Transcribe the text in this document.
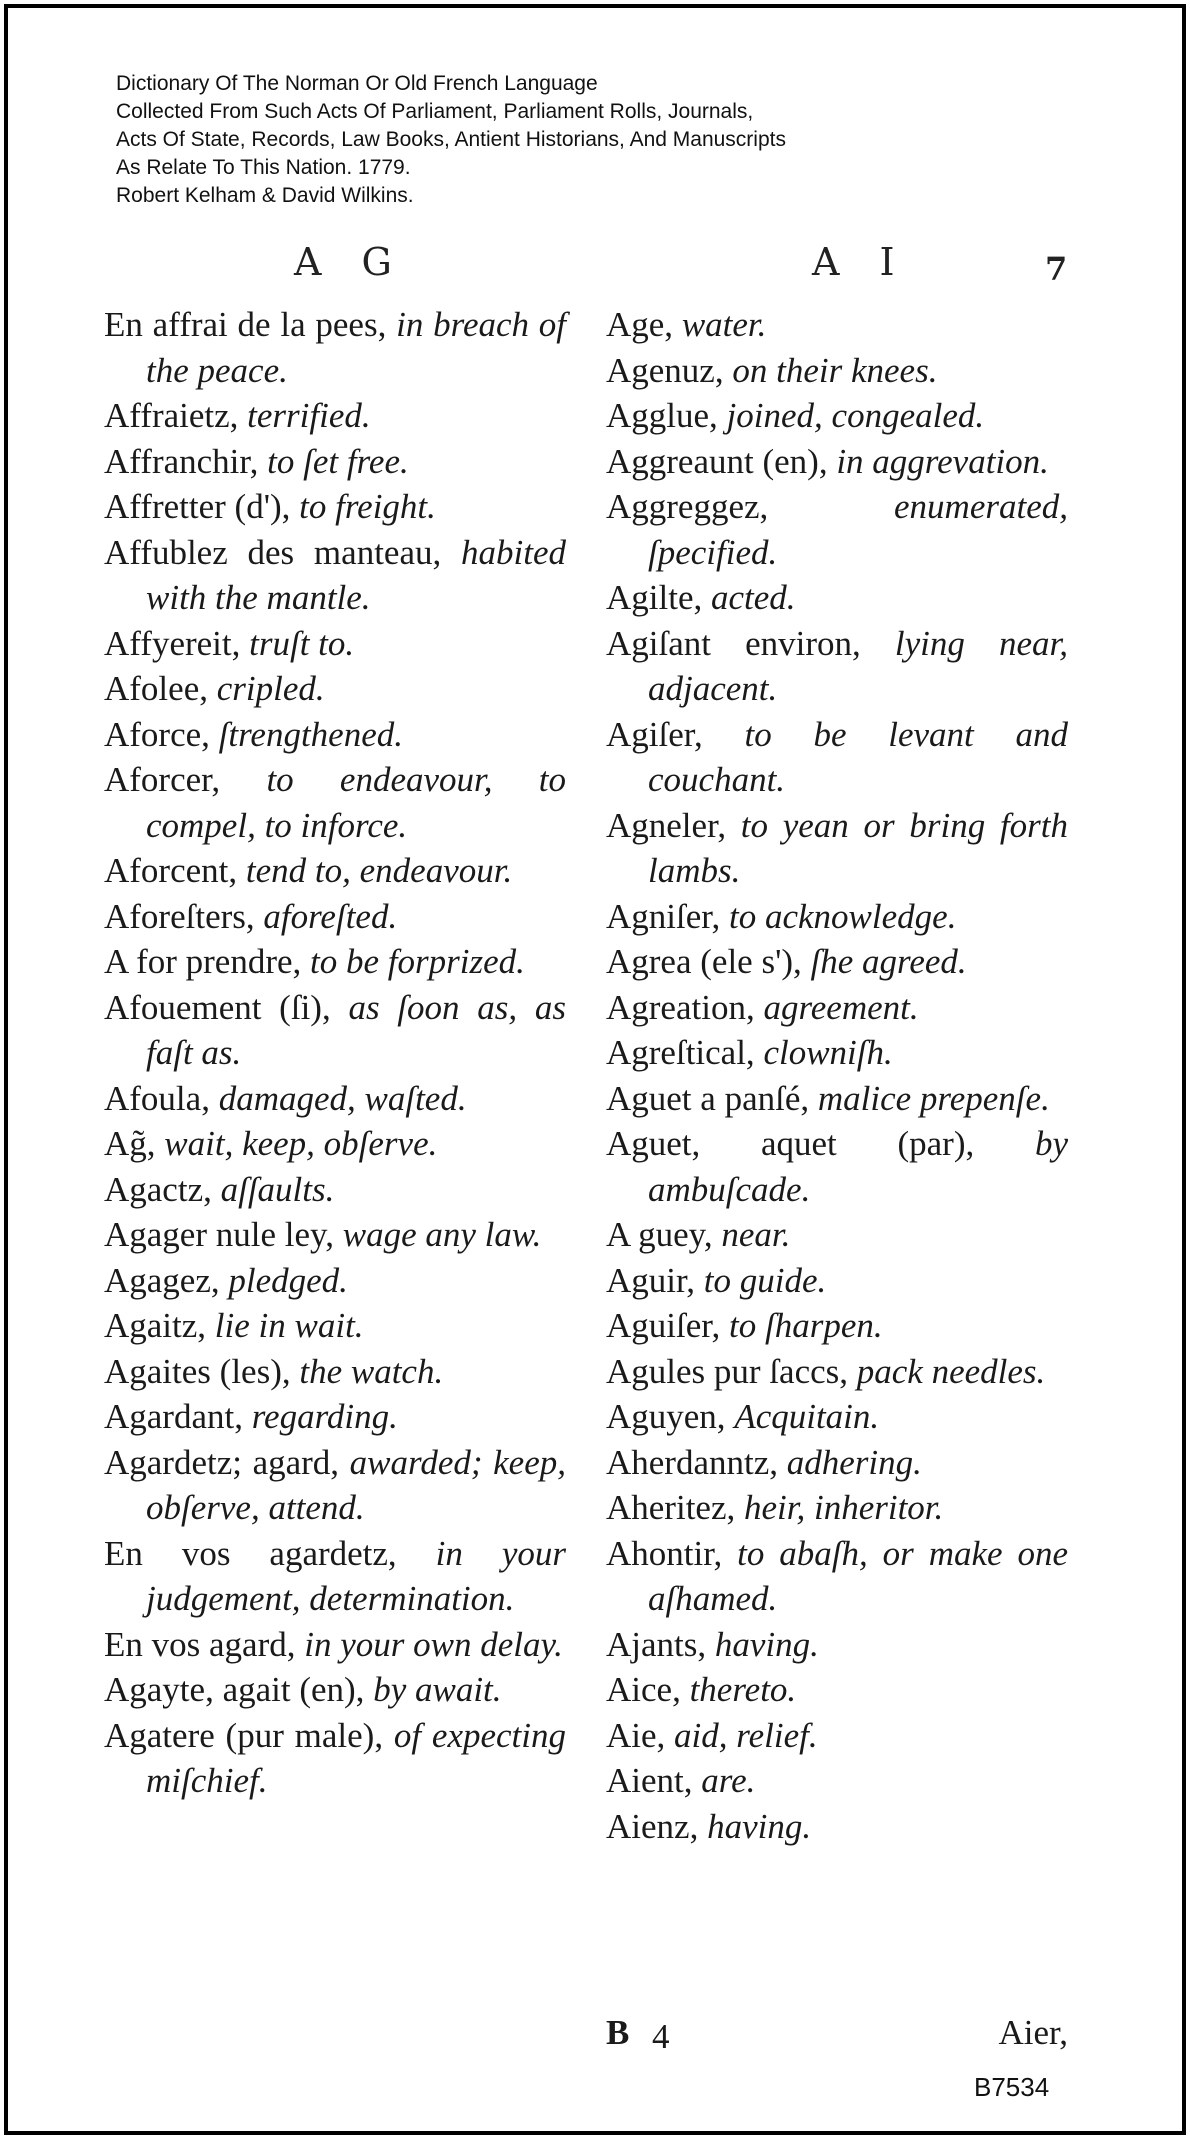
Dictionary Of The Norman Or Old French Language
Collected From Such Acts Of Parliament, Parliament Rolls, Journals,
Acts Of State, Records, Law Books, Antient Historians, And Manuscripts
As Relate To This Nation. 1779.
Robert Kelham & David Wilkins.
A G	A I	7
En affrai de la pees, in breach of the peace.
Affraietz, terrified.
Affranchir, to ſet free.
Affretter (d'), to freight.
Affublez des manteau, habited with the mantle.
Affyereit, truſt to.
Afolee, cripled.
Aforce, ſtrengthened.
Aforcer, to endeavour, to compel, to inforce.
Aforcent, tend to, endeavour.
Aforeſters, aforeſted.
A for prendre, to be forprized.
Afouement (ſi), as ſoon as, as faſt as.
Afoula, damaged, waſted.
Ag̃, wait, keep, obſerve.
Agactz, aſſaults.
Agager nule ley, wage any law.
Agagez, pledged.
Agaitz, lie in wait.
Agaites (les), the watch.
Agardant, regarding.
Agardetz; agard, awarded; keep, obſerve, attend.
En vos agardetz, in your judgement, determination.
En vos agard, in your own delay.
Agayte, agait (en), by await.
Agatere (pur male), of expecting miſchief.
Age, water.
Agenuz, on their knees.
Agglue, joined, congealed.
Aggreaunt (en), in aggrevation.
Aggreggez,	enumerated, ſpecified.
Agilte, acted.
Agiſant environ, lying near, adjacent.
Agiſer, to be levant and couchant.
Agneler, to yean or bring forth lambs.
Agniſer, to acknowledge.
Agrea (ele s'), ſhe agreed.
Agreation, agreement.
Agreſtical, clowniſh.
Aguet a panſé, malice prepenſe.
Aguet, aquet (par), by ambuſcade.
A guey, near.
Aguir, to guide.
Aguiſer, to ſharpen.
Agules pur ſaccs, pack needles.
Aguyen, Acquitain.
Aherdanntz, adhering.
Aheritez, heir, inheritor.
Ahontir, to abaſh, or make one aſhamed.
Ajants, having.
Aice, thereto.
Aie, aid, relief.
Aient, are.
Aienz, having.
B 4	Aier,
B7534
